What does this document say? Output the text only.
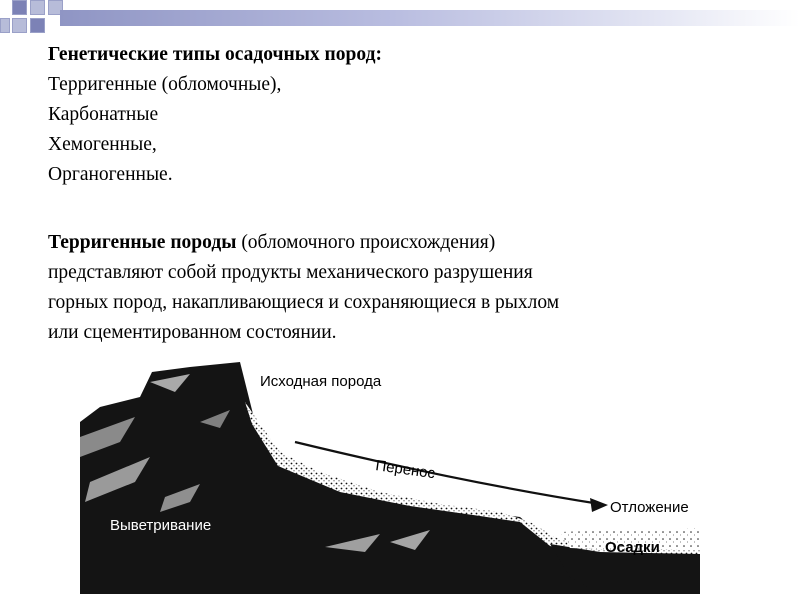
Генетические типы осадочных пород:
Терригенные (обломочные),
Карбонатные
Хемогенные,
Органогенные.
Терригенные породы (обломочного происхождения)
представляют собой продукты механического разрушения
горных пород, накапливающиеся и сохраняющиеся в рыхлом
или сцементированном состоянии.
Исходная порода
Перенос
Отложение
Выветривание
Осадки
